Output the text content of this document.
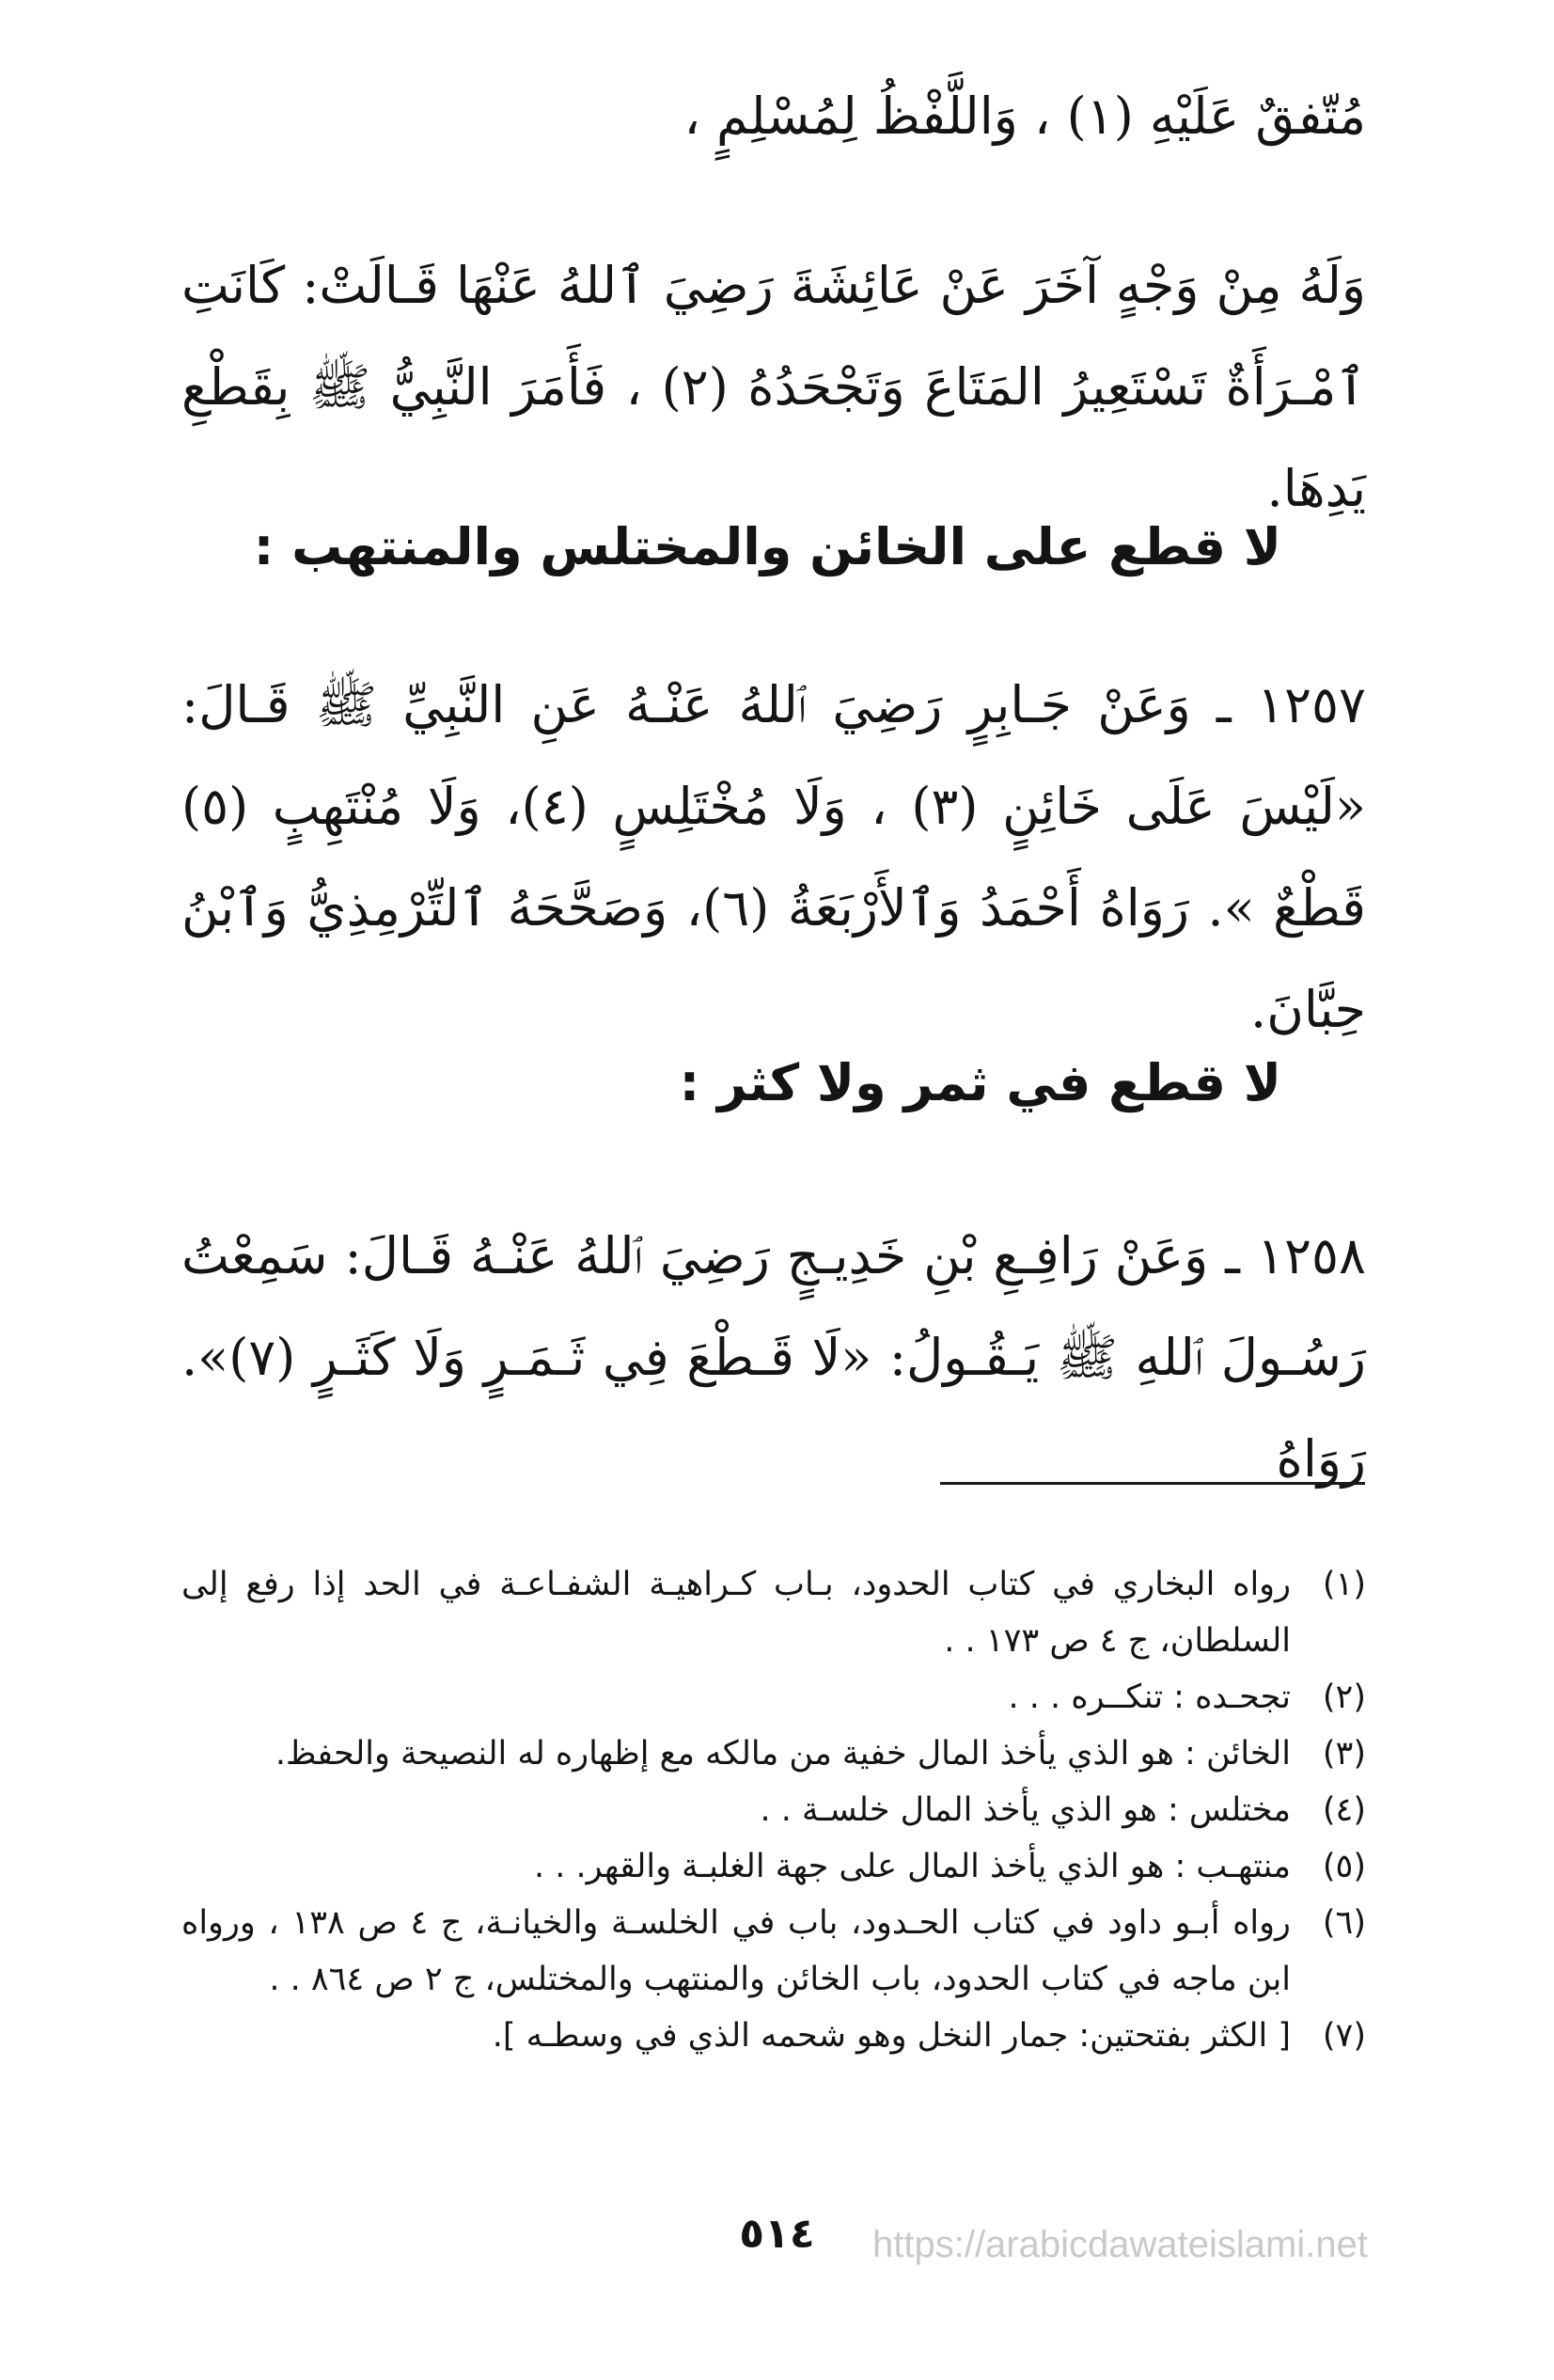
مُتّفقٌ عَلَيْهِ (١) ، وَاللَّفْظُ لِمُسْلِمٍ ،

وَلَهُ مِنْ وَجْهٍ آخَرَ عَنْ عَائِشَةَ رَضِيَ ٱللهُ عَنْهَا قَـالَتْ: كَانَتِ ٱمْـرَأَةٌ تَسْتَعِيرُ المَتَاعَ وَتَجْحَدُهُ (٢) ، فَأَمَرَ النَّبِيُّ ﷺ بِقَطْعِ يَدِهَا.

لا قطع على الخائن والمختلس والمنتهب :

١٢٥٧ ـ وَعَنْ جَـابِرٍ رَضِيَ ٱللهُ عَنْـهُ عَنِ النَّبِيِّ ﷺ قَـالَ: «لَيْسَ عَلَى خَائِنٍ (٣) ، وَلَا مُخْتَلِسٍ (٤)، وَلَا مُنْتَهِبٍ (٥) قَطْعٌ ». رَوَاهُ أَحْمَدُ وَٱلأَرْبَعَةُ (٦)، وَصَحَّحَهُ ٱلتِّرْمِذِيُّ وَٱبْنُ حِبَّانَ.

لا قطع في ثمر ولا كثر :

١٢٥٨ ـ وَعَنْ رَافِـعِ بْنِ خَدِيـجٍ رَضِيَ ٱللهُ عَنْـهُ قَـالَ: سَمِعْتُ رَسُـولَ ٱللهِ ﷺ يَـقُـولُ: «لَا قَـطْعَ فِي ثَـمَـرٍ وَلَا كَثَـرٍ (٧)». رَوَاهُ

(١)
رواه البخاري في كتاب الحدود، بـاب كـراهيـة الشفـاعـة في الحد إذا رفع إلى السلطان، ج ٤ ص ١٧٣ . .
(٢)
تجحـده : تنكــره . . .
(٣)
الخائن : هو الذي يأخذ المال خفية من مالكه مع إظهاره له النصيحة والحفظ.
(٤)
مختلس : هو الذي يأخذ المال خلسـة . .
(٥)
منتهـب : هو الذي يأخذ المال على جهة الغلبـة والقهر. . .
(٦)
رواه أبـو داود في كتاب الحـدود، باب في الخلسـة والخيانـة، ج ٤ ص ١٣٨ ، ورواه ابن ماجه في كتاب الحدود، باب الخائن والمنتهب والمختلس، ج ٢ ص ٨٦٤ . .
(٧)
[ الكثر بفتحتين: جمار النخل وهو شحمه الذي في وسطـه ].

٥١٤	https://arabicdawateislami.net
